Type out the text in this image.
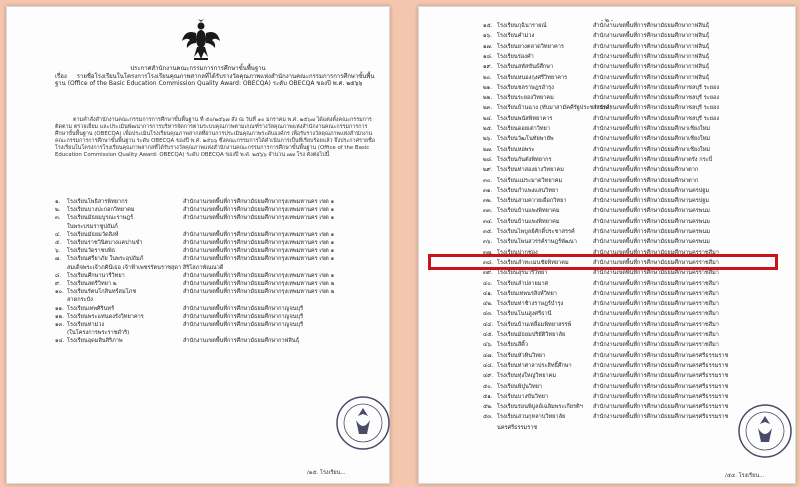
ประกาศสำนักงานคณะกรรมการการศึกษาขั้นพื้นฐาน
เรื่อง รายชื่อโรงเรียนในโครงการโรงเรียนคุณภาพสากลที่ได้รับรางวัลคุณภาพแห่งสำนักงานคณะกรรมการการศึกษาขั้นพื้นฐาน (Office of the Basic Education Commission Quality Award: OBECQA) ระดับ OBECQA ของปี พ.ศ. ๒๕๖๖
ตามคำสั่งสำนักงานคณะกรรมการการศึกษาขั้นพื้นฐาน ที่ ๕๐/๒๕๖๗ สั่ง ณ วันที่ ๑๐ มกราคม พ.ศ. ๒๕๖๗ ได้แต่งตั้งคณะกรรมการติดตาม ตรวจเยี่ยม และประเมินพัฒนาการการบริหารจัดการตามระบบคุณภาพตามเกณฑ์รางวัลคุณภาพแห่งสำนักงานคณะกรรมการการศึกษาขั้นพื้นฐาน (OBECQA) เพื่อประเมินโรงเรียนคุณภาพสากลที่ผ่านการประเมินคุณภาพระดับองค์กร เพื่อรับรางวัลคุณภาพแห่งสำนักงานคณะกรรมการการศึกษาขั้นพื้นฐาน ระดับ OBECQA ของปี พ.ศ. ๒๕๖๖ ซึ่งคณะกรรมการได้ดำเนินการเป็นที่เรียบร้อยแล้ว จึงประกาศรายชื่อโรงเรียนในโครงการโรงเรียนคุณภาพสากลที่ได้รับรางวัลคุณภาพแห่งสำนักงานคณะกรรมการการศึกษาขั้นพื้นฐาน (Office of the Basic Education Commission Quality Award: OBECQA) ระดับ OBECQA ของปี พ.ศ. ๒๕๖๖ จำนวน ๗๗ โรง ดังต่อไปนี้
๑. โรงเรียนโพธิสารพิทยากร	สำนักงานเขตพื้นที่การศึกษามัธยมศึกษากรุงเทพมหานคร เขต ๑
๒. โรงเรียนบางปะกอกวิทยาคม	สำนักงานเขตพื้นที่การศึกษามัธยมศึกษากรุงเทพมหานคร เขต ๑
๓. โรงเรียนมัธยมบูรณะราษฎร์	สำนักงานเขตพื้นที่การศึกษามัธยมศึกษากรุงเทพมหานคร เขต ๑
ในพระบรมราชูปถัมภ์
๔. โรงเรียนมัธยมวัดสิงห์	สำนักงานเขตพื้นที่การศึกษามัธยมศึกษากรุงเทพมหานคร เขต ๑
๕. โรงเรียนราชวินิตบางแคปานขำ	สำนักงานเขตพื้นที่การศึกษามัธยมศึกษากรุงเทพมหานคร เขต ๑
๖. โรงเรียนวัดราชบพิธ	สำนักงานเขตพื้นที่การศึกษามัธยมศึกษากรุงเทพมหานคร เขต ๑
๗. โรงเรียนศรียาภัย ในพระอุปถัมภ์	สำนักงานเขตพื้นที่การศึกษามัธยมศึกษากรุงเทพมหานคร เขต ๑
สมเด็จพระเจ้าภคินีเธอ เจ้าฟ้าเพชรรัตนราชสุดา สิริโสภาพัณณวดี
๘. โรงเรียนศึกษานารีวิทยา	สำนักงานเขตพื้นที่การศึกษามัธยมศึกษากรุงเทพมหานคร เขต ๑
๙. โรงเรียนสตรีวิทยา ๒	สำนักงานเขตพื้นที่การศึกษามัธยมศึกษากรุงเทพมหานคร เขต ๒
๑๐. โรงเรียนรัตนโกสินทร์สมโภช	สำนักงานเขตพื้นที่การศึกษามัธยมศึกษากรุงเทพมหานคร เขต ๒
ลาดกระบัง
๑๑. โรงเรียนเทพศิรินทร์	สำนักงานเขตพื้นที่การศึกษามัธยมศึกษากาญจนบุรี
๑๒. โรงเรียนพระแท่นดงรังวิทยาคาร	สำนักงานเขตพื้นที่การศึกษามัธยมศึกษากาญจนบุรี
๑๓. โรงเรียนท่าม่วง	สำนักงานเขตพื้นที่การศึกษามัธยมศึกษากาญจนบุรี
(ในโครงการพระราชดำริ)
๑๔. โรงเรียนอุดมสินสิริภาพ	สำนักงานเขตพื้นที่การศึกษามัธยมศึกษากาฬสินธุ์
/๑๕. โรงเรียน...
- ๒ -
๑๕. โรงเรียนกุฉินารายณ์	สำนักงานเขตพื้นที่การศึกษามัธยมศึกษากาฬสินธุ์
๑๖. โรงเรียนคำม่วง	สำนักงานเขตพื้นที่การศึกษามัธยมศึกษากาฬสินธุ์
๑๗. โรงเรียนยางตลาดวิทยาคาร	สำนักงานเขตพื้นที่การศึกษามัธยมศึกษากาฬสินธุ์
๑๘. โรงเรียนร่องคำ	สำนักงานเขตพื้นที่การศึกษามัธยมศึกษากาฬสินธุ์
๑๙. โรงเรียนสหัสขันธ์ศึกษา	สำนักงานเขตพื้นที่การศึกษามัธยมศึกษากาฬสินธุ์
๒๐. โรงเรียนหนองกุงศรีวิทยาคาร	สำนักงานเขตพื้นที่การศึกษามัธยมศึกษากาฬสินธุ์
๒๑. โรงเรียนชลราษฎรอำรุง	สำนักงานเขตพื้นที่การศึกษามัธยมศึกษาชลบุรี ระยอง
๒๒. โรงเรียนระยองวิทยาคม	สำนักงานเขตพื้นที่การศึกษามัธยมศึกษาชลบุรี ระยอง
๒๓. โรงเรียนบ้านฉาง (ทับมาสามัคคีรัฐประชาสรรค์)
สำนักงานเขตพื้นที่การศึกษามัธยมศึกษาชลบุรี ระยอง
๒๔. โรงเรียนพนัสพิทยาคาร	สำนักงานเขตพื้นที่การศึกษามัธยมศึกษาชลบุรี ระยอง
๒๕. โรงเรียนดอยเต่าวิทยา	สำนักงานเขตพื้นที่การศึกษามัธยมศึกษาเชียงใหม่
๒๖. โรงเรียนวัฒโนทัยพายัพ	สำนักงานเขตพื้นที่การศึกษามัธยมศึกษาเชียงใหม่
๒๗. โรงเรียนหอพระ	สำนักงานเขตพื้นที่การศึกษามัธยมศึกษาเชียงใหม่
๒๘. โรงเรียนกันตังพิทยากร	สำนักงานเขตพื้นที่การศึกษามัธยมศึกษาตรัง กระบี่
๒๙. โรงเรียนท่าสองยางวิทยาคม	สำนักงานเขตพื้นที่การศึกษามัธยมศึกษาตาก
๓๐. โรงเรียนแม่ระมาดวิทยาคม	สำนักงานเขตพื้นที่การศึกษามัธยมศึกษาตาก
๓๑. โรงเรียนกำแพงแสนวิทยา	สำนักงานเขตพื้นที่การศึกษามัธยมศึกษานครปฐม
๓๒. โรงเรียนสามควายเผือกวิทยา	สำนักงานเขตพื้นที่การศึกษามัธยมศึกษานครปฐม
๓๓. โรงเรียนบ้านแพงพิทยาคม	สำนักงานเขตพื้นที่การศึกษามัธยมศึกษานครพนม
๓๔. โรงเรียนบ้านแพงพิทยาคม	สำนักงานเขตพื้นที่การศึกษามัธยมศึกษานครพนม
๓๕. โรงเรียนไพบูลย์ศักดิ์ประชาสรรค์	สำนักงานเขตพื้นที่การศึกษามัธยมศึกษานครพนม
๓๖. โรงเรียนโพนสวรรค์ราษฎร์พัฒนา	สำนักงานเขตพื้นที่การศึกษามัธยมศึกษานครพนม
๓๗. โรงเรียนปากช่อง	สำนักงานเขตพื้นที่การศึกษามัธยมศึกษานครราชสีมา
๓๘. โรงเรียนลำทะเมนชัยพิทยาคม	สำนักงานเขตพื้นที่การศึกษามัธยมศึกษานครราชสีมา
๓๙. โรงเรียนสุรนารีวิทยา	สำนักงานเขตพื้นที่การศึกษามัธยมศึกษานครราชสีมา
๔๐. โรงเรียนลำปลายมาศ	สำนักงานเขตพื้นที่การศึกษามัธยมศึกษานครราชสีมา
๔๑. โรงเรียนเทพนรสิงห์วิทยา	สำนักงานเขตพื้นที่การศึกษามัธยมศึกษานครราชสีมา
๔๒. โรงเรียนท่าช้างราษฎร์บำรุง	สำนักงานเขตพื้นที่การศึกษามัธยมศึกษานครราชสีมา
๔๓. โรงเรียนโนนสูงศรีธานี	สำนักงานเขตพื้นที่การศึกษามัธยมศึกษานครราชสีมา
๔๔. โรงเรียนบ้านเหลื่อมพิทยาสรรพ์	สำนักงานเขตพื้นที่การศึกษามัธยมศึกษานครราชสีมา
๔๕. โรงเรียนมัธยมปริยัติวิทยาลัย	สำนักงานเขตพื้นที่การศึกษามัธยมศึกษานครราชสีมา
๔๖. โรงเรียนสีคิ้ว	สำนักงานเขตพื้นที่การศึกษามัธยมศึกษานครราชสีมา
๔๗. โรงเรียนหัวหินวิทยา	สำนักงานเขตพื้นที่การศึกษามัธยมศึกษานครศรีธรรมราช
๔๘. โรงเรียนท่าศาลาประสิทธิ์ศึกษา	สำนักงานเขตพื้นที่การศึกษามัธยมศึกษานครศรีธรรมราช
๔๙. โรงเรียนทุ่งใหญ่วิทยาคม	สำนักงานเขตพื้นที่การศึกษามัธยมศึกษานครศรีธรรมราช
๕๐. โรงเรียนพิปูนวิทยา	สำนักงานเขตพื้นที่การศึกษามัธยมศึกษานครศรีธรรมราช
๕๑. โรงเรียนบางขันวิทยา	สำนักงานเขตพื้นที่การศึกษามัธยมศึกษานครศรีธรรมราช
๕๒. โรงเรียนร่อนพิบูลย์เฉลิมพระเกียรติฯ สำนักงานเขตพื้นที่การศึกษามัธยมศึกษานครศรีธรรมราช
๕๓. โรงเรียนสวนกุหลาบวิทยาลัย	สำนักงานเขตพื้นที่การศึกษามัธยมศึกษานครศรีธรรมราช
นครศรีธรรมราช
/๕๔. โรงเรียน...
